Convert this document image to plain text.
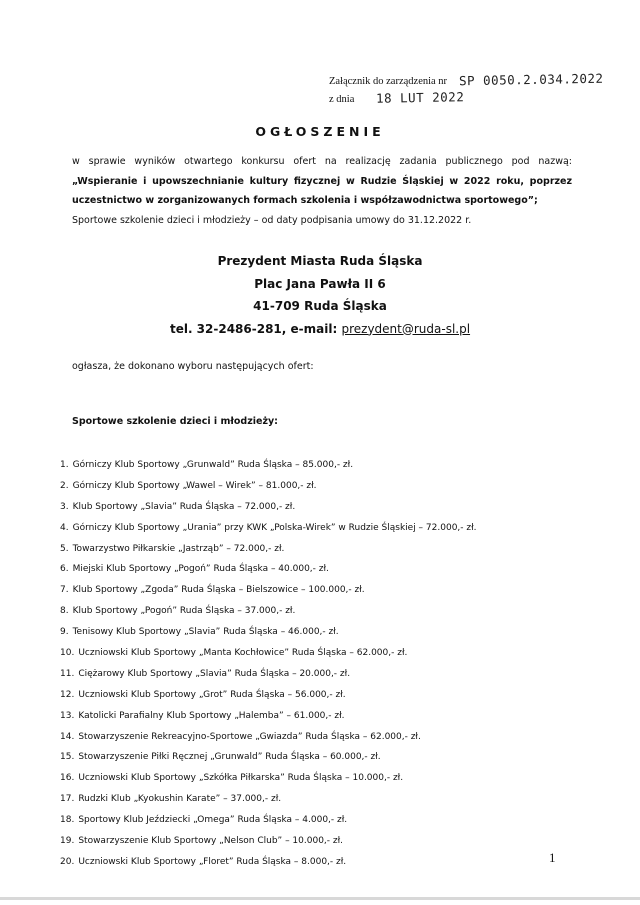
Załącznik do zarządzenia nr SP 0050.2.034.2022
z dnia 18 LUT 2022
OGŁOSZENIE

w sprawie wyników otwartego konkursu ofert na realizację zadania publicznego pod nazwą:

„Wspieranie i upowszechnianie kultury fizycznej w Rudzie Śląskiej w 2022 roku, poprzez

uczestnictwo w zorganizowanych formach szkolenia i współzawodnictwa sportowego”;

Sportowe szkolenie dzieci i młodzieży – od daty podpisania umowy do 31.12.2022 r.

Prezydent Miasta Ruda Śląska
Plac Jana Pawła II 6
41-709 Ruda Śląska
tel. 32-2486-281, e-mail: prezydent@ruda-sl.pl
ogłasza, że dokonano wyboru następujących ofert:
Sportowe szkolenie dzieci i młodzieży:
1. Górniczy Klub Sportowy „Grunwald” Ruda Śląska – 85.000,- zł.
2. Górniczy Klub Sportowy „Wawel – Wirek” – 81.000,- zł.
3. Klub Sportowy „Slavia” Ruda Śląska – 72.000,- zł.
4. Górniczy Klub Sportowy „Urania” przy KWK „Polska-Wirek” w Rudzie Śląskiej – 72.000,- zł.
5. Towarzystwo Piłkarskie „Jastrząb” – 72.000,- zł.
6. Miejski Klub Sportowy „Pogoń” Ruda Śląska – 40.000,- zł.
7. Klub Sportowy „Zgoda” Ruda Śląska – Bielszowice – 100.000,- zł.
8. Klub Sportowy „Pogoń” Ruda Śląska – 37.000,- zł.
9. Tenisowy Klub Sportowy „Slavia” Ruda Śląska – 46.000,- zł.
10. Uczniowski Klub Sportowy „Manta Kochłowice” Ruda Śląska – 62.000,- zł.
11. Ciężarowy Klub Sportowy „Slavia” Ruda Śląska – 20.000,- zł.
12. Uczniowski Klub Sportowy „Grot” Ruda Śląska – 56.000,- zł.
13. Katolicki Parafialny Klub Sportowy „Halemba” – 61.000,- zł.
14. Stowarzyszenie Rekreacyjno-Sportowe „Gwiazda” Ruda Śląska – 62.000,- zł.
15. Stowarzyszenie Piłki Ręcznej „Grunwald” Ruda Śląska – 60.000,- zł.
16. Uczniowski Klub Sportowy „Szkółka Piłkarska” Ruda Śląska – 10.000,- zł.
17. Rudzki Klub „Kyokushin Karate” – 37.000,- zł.
18. Sportowy Klub Jeździecki „Omega” Ruda Śląska – 4.000,- zł.
19. Stowarzyszenie Klub Sportowy „Nelson Club” – 10.000,- zł.
20. Uczniowski Klub Sportowy „Floret” Ruda Śląska – 8.000,- zł.	1
